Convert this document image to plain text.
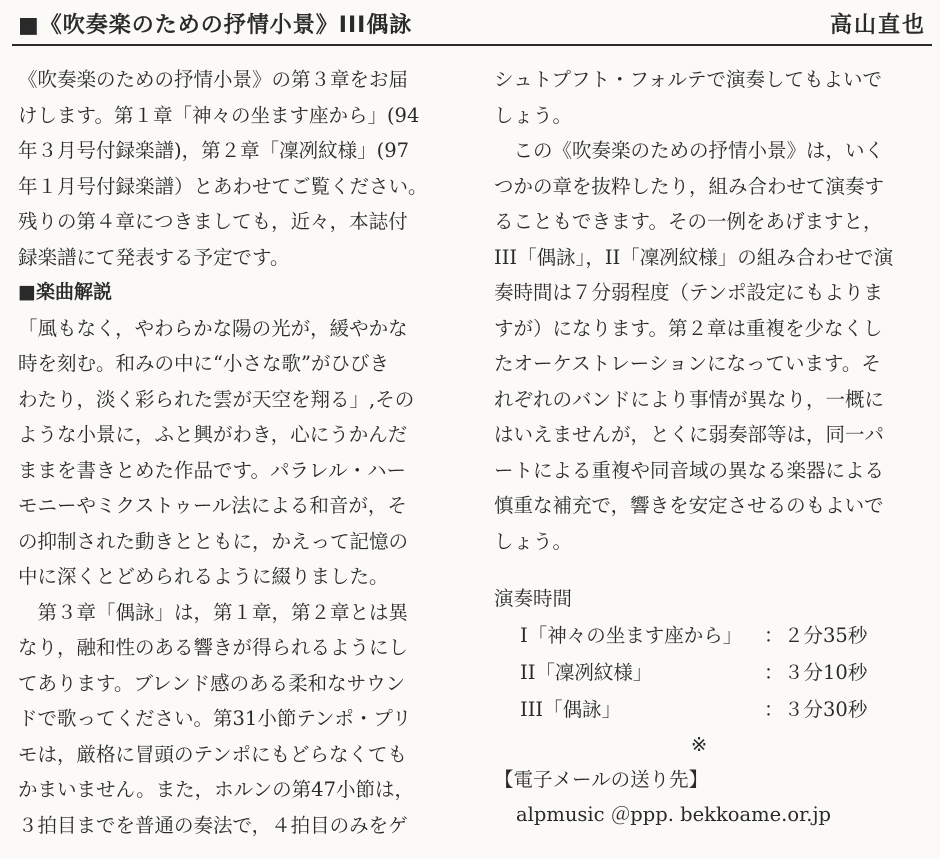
■《吹奏楽のための抒情小景》III偶詠	高山直也
《吹奏楽のための抒情小景》の第３章をお届
けします。第１章「神々の坐ます座から」(94
年３月号付録楽譜)，第２章「凜冽紋様」(97
年１月号付録楽譜）とあわせてご覧ください。
残りの第４章につきましても，近々，本誌付
録楽譜にて発表する予定です。
■楽曲解説
「風もなく，やわらかな陽の光が，緩やかな
時を刻む。和みの中に“小さな歌”がひびき
わたり，淡く彩られた雲が天空を翔る」,その
ような小景に，ふと興がわき，心にうかんだ
ままを書きとめた作品です。パラレル・ハー
モニーやミクストゥール法による和音が，そ
の抑制された動きとともに，かえって記憶の
中に深くとどめられるように綴りました。
　第３章「偶詠」は，第１章，第２章とは異
なり，融和性のある響きが得られるようにし
てあります。ブレンド感のある柔和なサウン
ドで歌ってください。第31小節テンポ・プリ
モは，厳格に冒頭のテンポにもどらなくても
かまいません。また，ホルンの第47小節は，
３拍目までを普通の奏法で，４拍目のみをゲ
シュトプフト・フォルテで演奏してもよいで
しょう。
　この《吹奏楽のための抒情小景》は，いく
つかの章を抜粋したり，組み合わせて演奏す
ることもできます。その一例をあげますと，
III「偶詠」，II「凜冽紋様」の組み合わせで演
奏時間は７分弱程度（テンポ設定にもよりま
すが）になります。第２章は重複を少なくし
たオーケストレーションになっています。そ
れぞれのバンドにより事情が異なり，一概に
はいえませんが，とくに弱奏部等は，同一パ
ートによる重複や同音域の異なる楽器による
慎重な補充で，響きを安定させるのもよいで
しょう。
演奏時間
I「神々の坐ます座から」 ： ２分35秒
II「凜冽紋様」	： ３分10秒
III「偶詠」	： ３分30秒
※
【電子メールの送り先】
alpmusic ＠ppp. bekkoame.or.jp
